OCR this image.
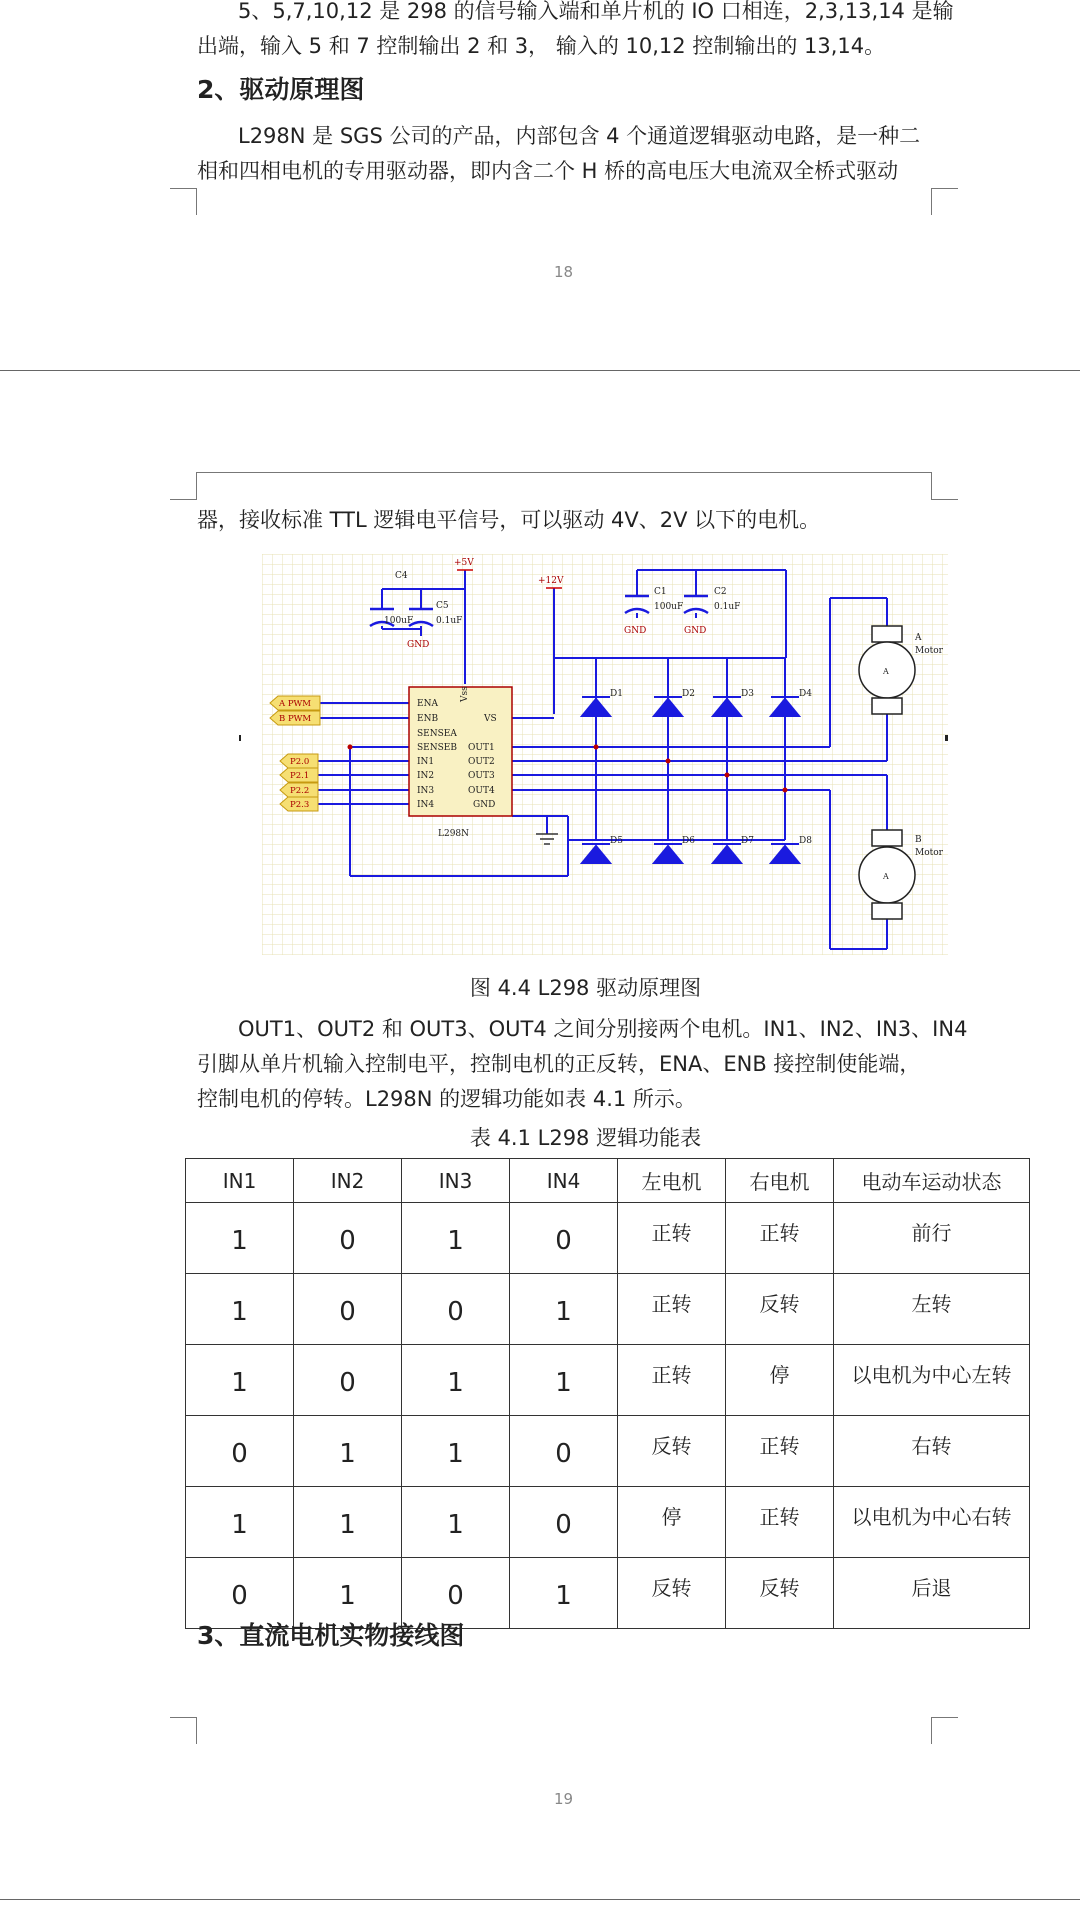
5、5,7,10,12 是 298 的信号输入端和单片机的 IO 口相连，2,3,13,14 是输
出端，输入 5 和 7 控制输出 2 和 3， 输入的 10,12 控制输出的 13,14。
2、驱动原理图
L298N 是 SGS 公司的产品，内部包含 4 个通道逻辑驱动电路，是一种二
相和四相电机的专用驱动器，即内含二个 H 桥的高电压大电流双全桥式驱动
18
器，接收标准 TTL 逻辑电平信号，可以驱动 4V、2V 以下的电机。
C4
100uF
C5
0.1uF
GND
+5V
+12V
C1
100uF
C2
0.1uF
GND	GND
ENA
ENB
SENSEA
SENSEB
IN1
IN2
IN3
IN4
VS
OUT1
OUT2
OUT3
OUT4
GND
Vss
L298N
A PWM
B PWM
P2.0
P2.1
P2.2
P2.3
D1	D2	D3	D4
D5	D6	D7	D8
A
Motor
A
B
Motor
A
图 4.4 L298 驱动原理图
OUT1、OUT2 和 OUT3、OUT4 之间分别接两个电机。IN1、IN2、IN3、IN4
引脚从单片机输入控制电平，控制电机的正反转，ENA、ENB 接控制使能端，
控制电机的停转。L298N 的逻辑功能如表 4.1 所示。
表 4.1 L298 逻辑功能表
IN1	IN2	IN3	IN4	左电机	右电机	电动车运动状态
1	0	1	0	正转	正转	前行
1	0	0	1	正转	反转	左转
1	0	1	1	正转	停	以电机为中心左转
0	1	1	0	反转	正转	右转
1	1	1	0	停	正转	以电机为中心右转
0	1	0	1	反转	反转	后退
3、直流电机实物接线图
19
